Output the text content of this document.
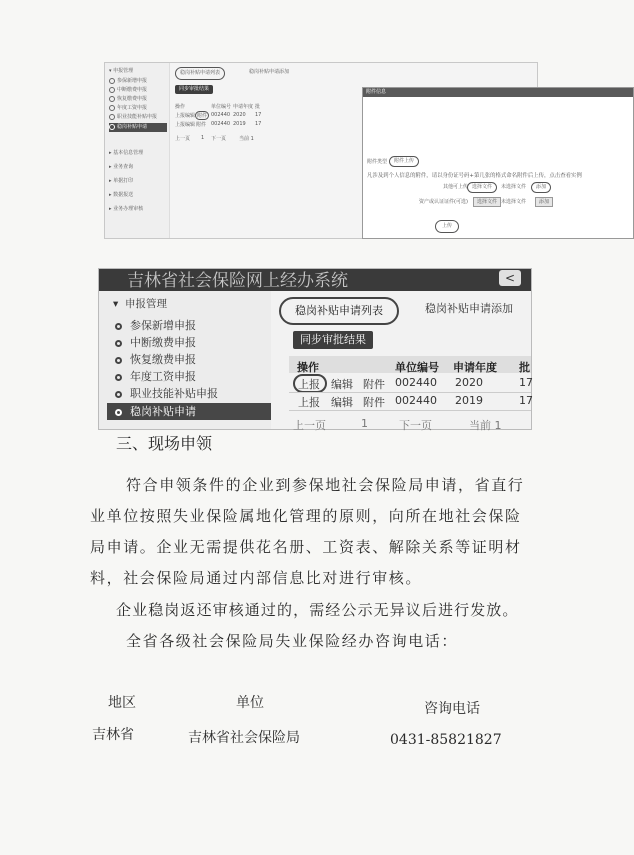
▾ 申报管理
参保新增申报
中断缴费申报
恢复缴费申报
年度工资申报
职业技能补贴申报
稳岗补贴申请
▸ 基本信息管理
▸ 业务查询
▸ 单据打印
▸ 数据报送
▸ 业务办理审核
稳岗补贴申请列表	稳岗补贴申请添加
同步审批结果
操作	单位编号 申请年度 批
上报 编辑 附件 002440 2020 17
上报 编辑 附件 002440 2019 17
上一页 1 下一页	当前 1
附件信息
附件类型	附件上传
凡涉及到个人信息的附件，请以身份证号码+第几张的格式命名附件后上传，点击查看实例
其他可上传 选择文件	未选择文件	添加
资产或认证证件(可选)	选择文件 未选择文件	添加
上传
吉林省社会保险网上经办系统	<
▾  申报管理
参保新增申报
中断缴费申报
恢复缴费申报
年度工资申报
职业技能补贴申报
稳岗补贴申请
稳岗补贴申请列表	稳岗补贴申请添加
同步审批结果
操作	单位编号 申请年度 批
上报 编辑 附件 002440 2020	17
上报 编辑 附件 002440 2019	17
上一页	1	下一页	当前 1
三、现场申领
符合申领条件的企业到参保地社会保险局申请，省直行
业单位按照失业保险属地化管理的原则，向所在地社会保险
局申请。企业无需提供花名册、工资表、解除关系等证明材
料，社会保险局通过内部信息比对进行审核。
企业稳岗返还审核通过的，需经公示无异议后进行发放。
全省各级社会保险局失业保险经办咨询电话：
地区	单位	咨询电话
吉林省	吉林省社会保险局	0431-85821827
